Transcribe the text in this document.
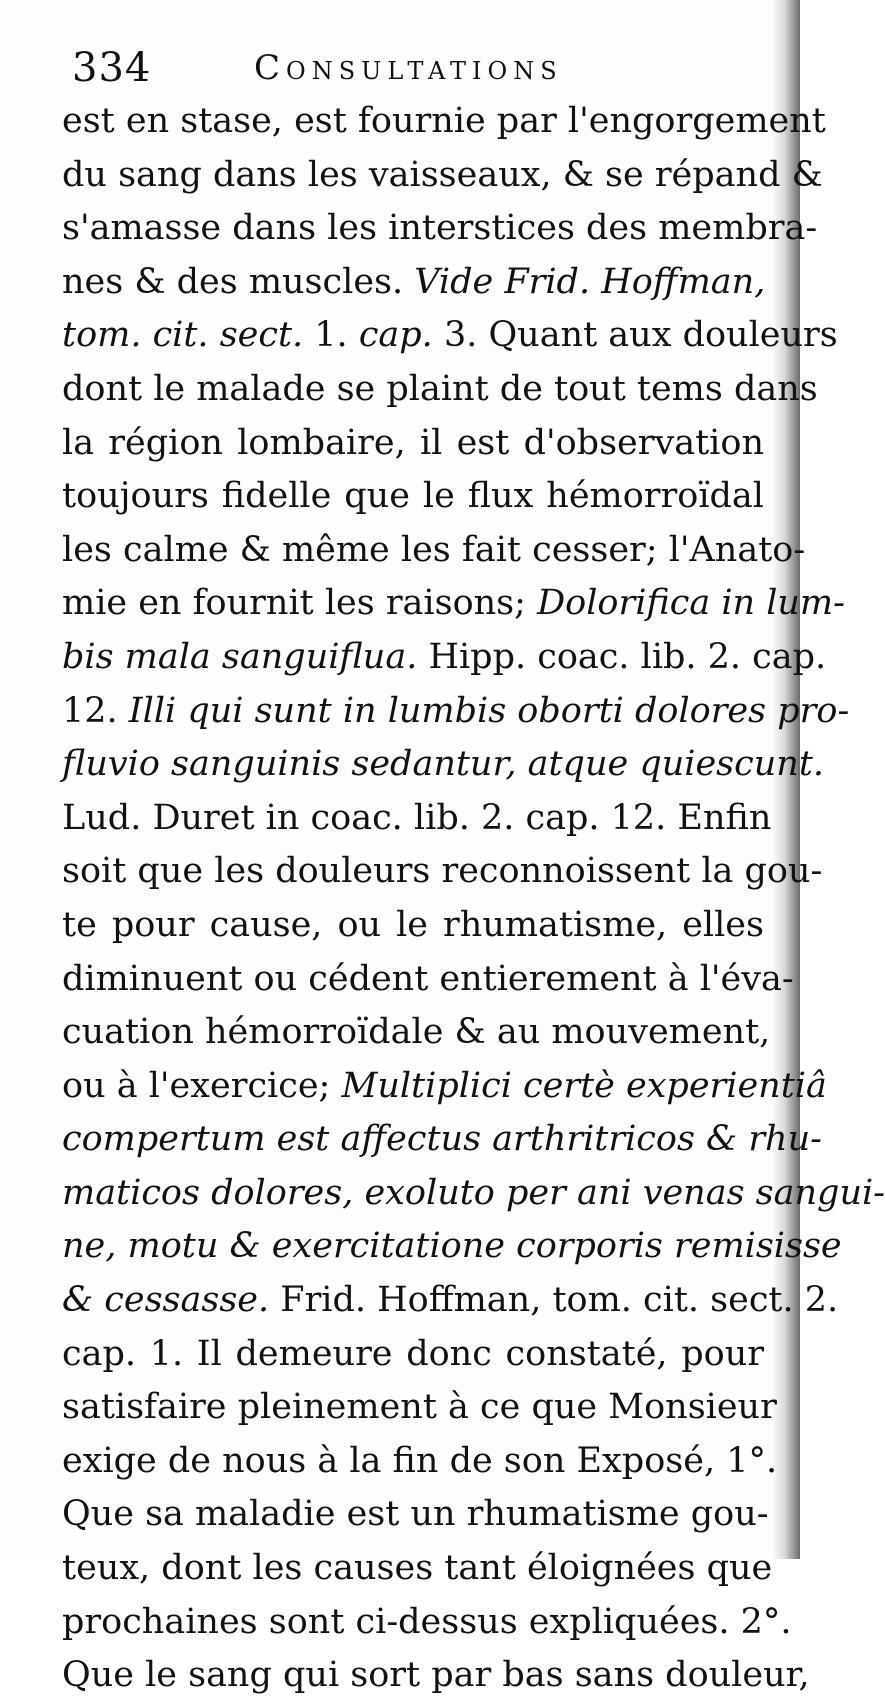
334	Consultations
est en stase, est fournie par l'engorgement
du sang dans les vaisseaux, & se répand &
s'amasse dans les interstices des membra-
nes & des muscles. Vide Frid. Hoffman,
tom. cit. sect. 1. cap. 3. Quant aux douleurs
dont le malade se plaint de tout tems dans
la région lombaire, il est d'observation
toujours fidelle que le flux hémorroïdal
les calme & même les fait cesser; l'Anato-
mie en fournit les raisons; Dolorifica in lum-
bis mala sanguiflua. Hipp. coac. lib. 2. cap.
12. Illi qui sunt in lumbis oborti dolores pro-
fluvio sanguinis sedantur, atque quiescunt.
Lud. Duret in coac. lib. 2. cap. 12. Enfin
soit que les douleurs reconnoissent la gou-
te pour cause, ou le rhumatisme, elles
diminuent ou cédent entierement à l'éva-
cuation hémorroïdale & au mouvement,
ou à l'exercice; Multiplici certè experientiâ
compertum est affectus arthritricos & rhu-
maticos dolores, exoluto per ani venas sangui-
ne, motu & exercitatione corporis remisisse
& cessasse. Frid. Hoffman, tom. cit. sect. 2.
cap. 1. Il demeure donc constaté, pour
satisfaire pleinement à ce que Monsieur
exige de nous à la fin de son Exposé, 1°.
Que sa maladie est un rhumatisme gou-
teux, dont les causes tant éloignées que
prochaines sont ci-dessus expliquées. 2°.
Que le sang qui sort par bas sans douleur,
